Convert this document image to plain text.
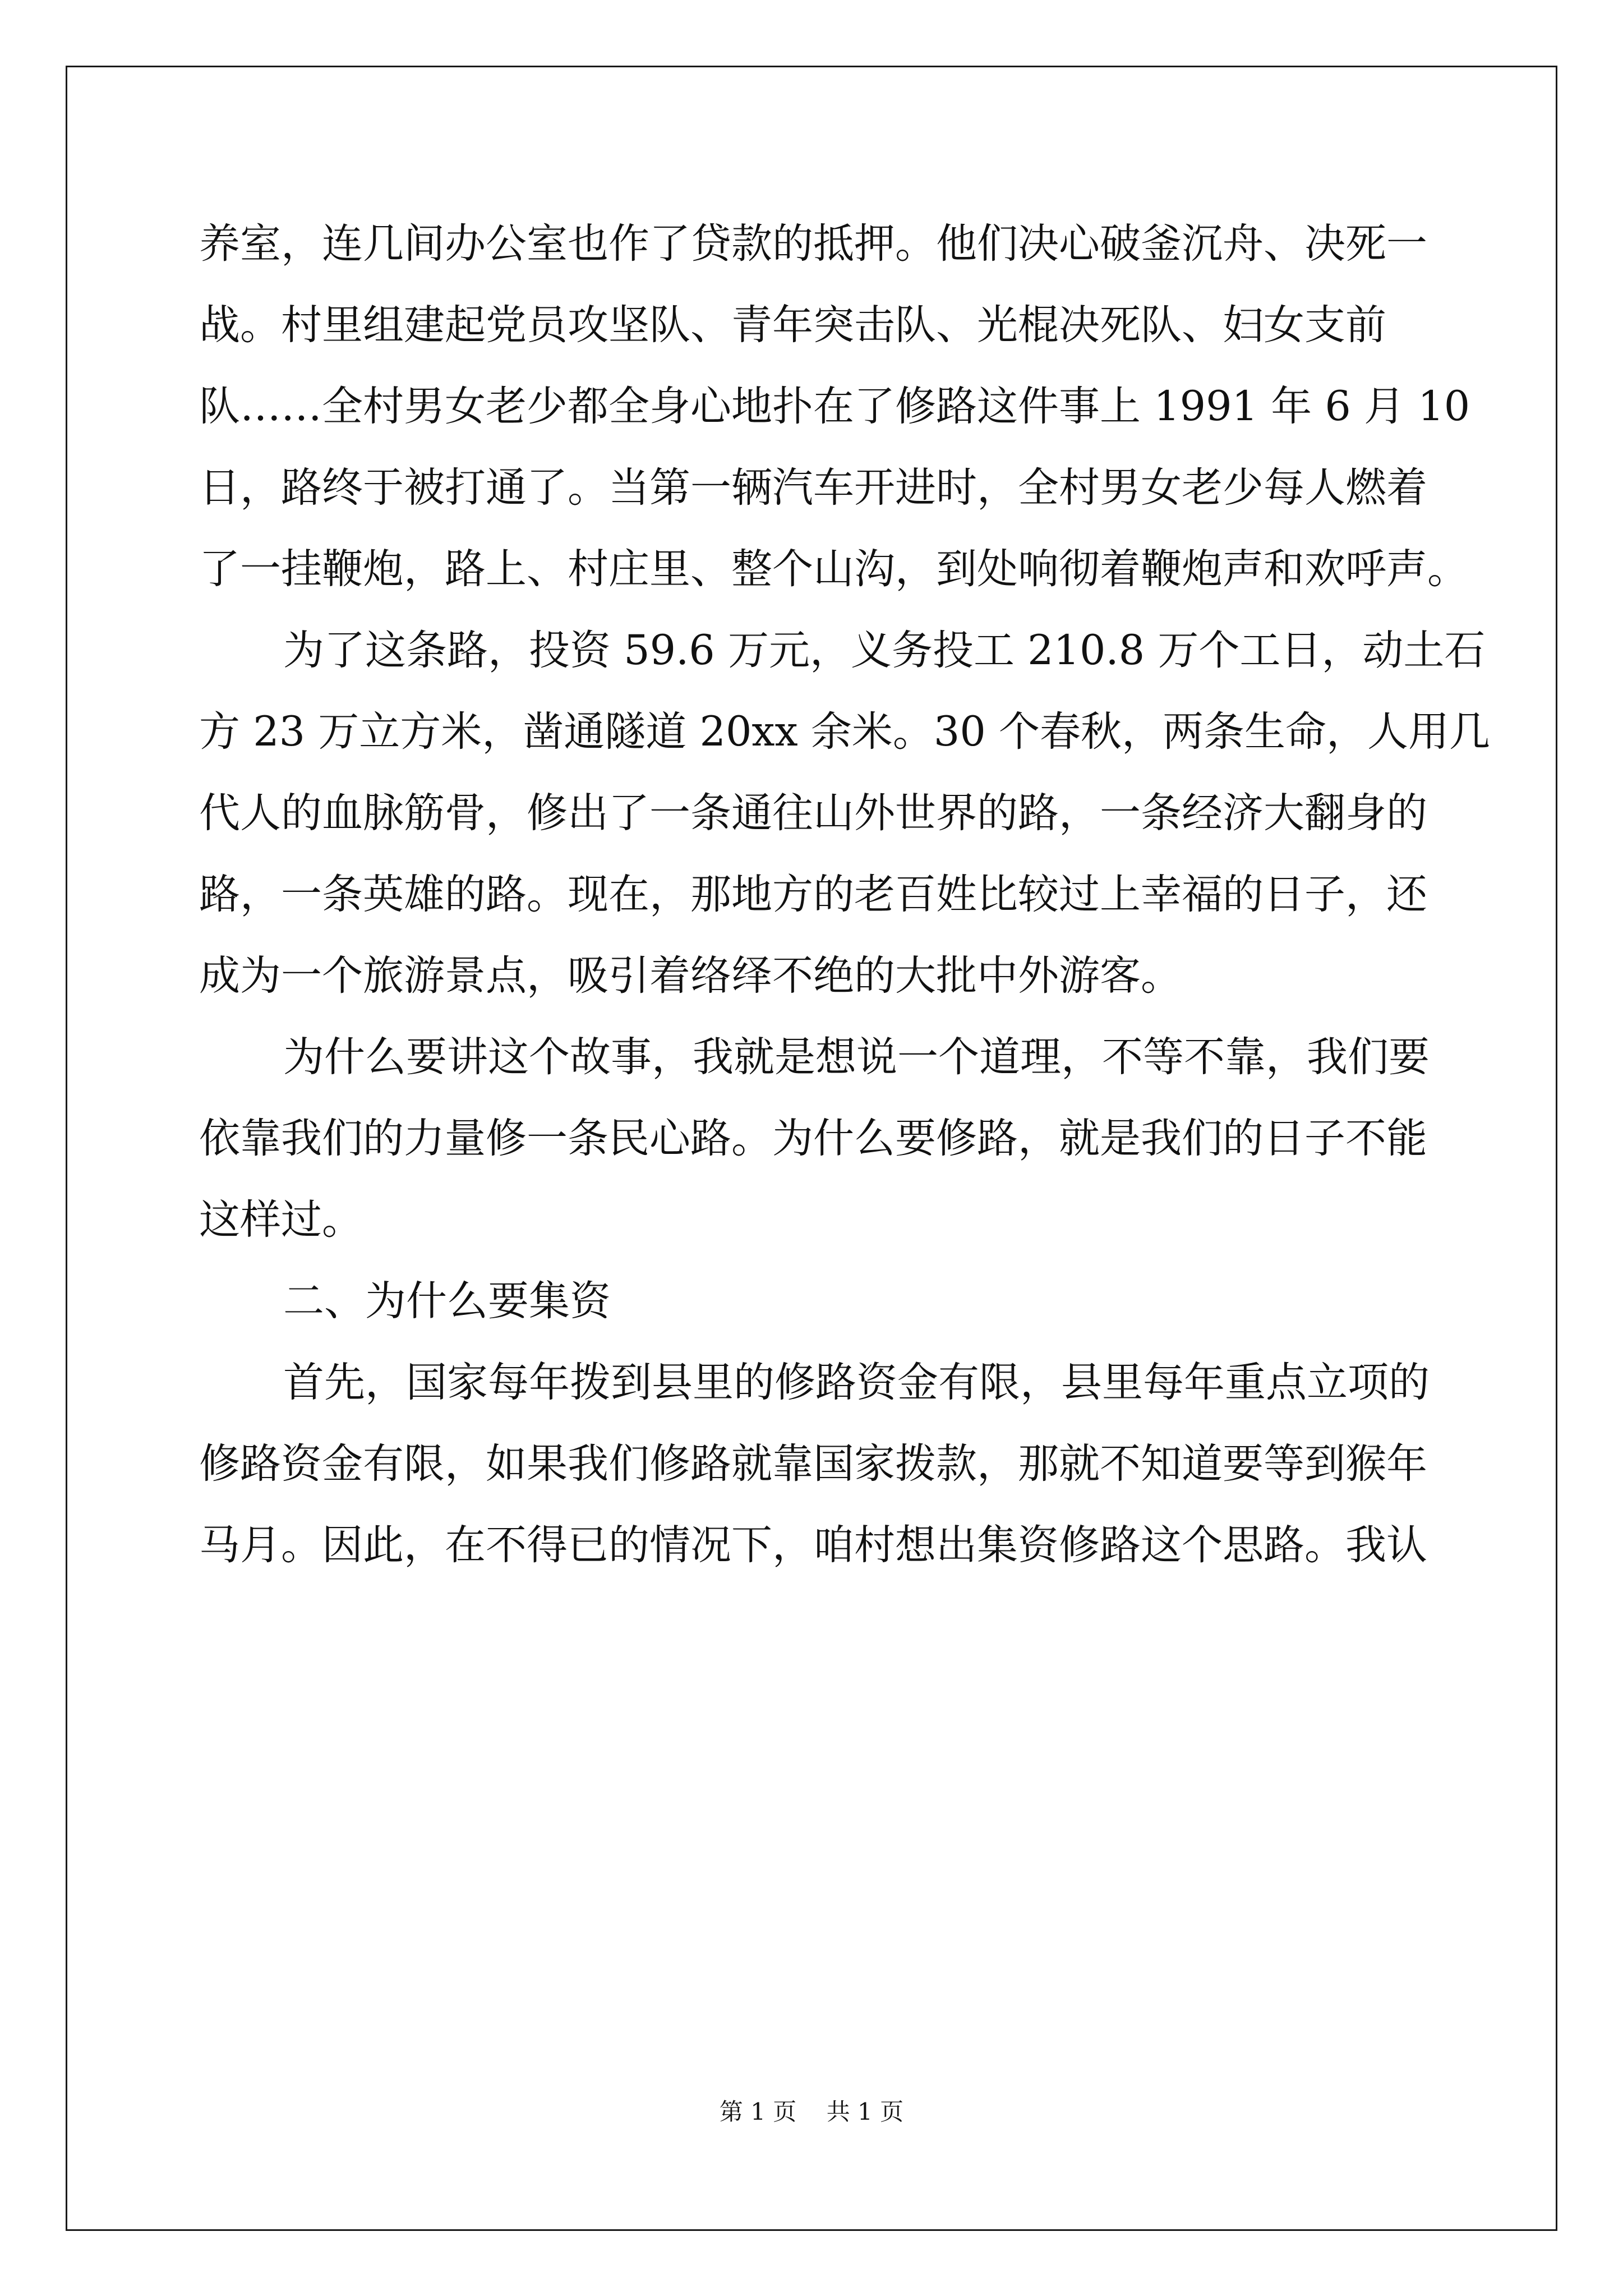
养室，连几间办公室也作了贷款的抵押。他们决心破釜沉舟、决死一
战。村里组建起党员攻坚队、青年突击队、光棍决死队、妇女支前
队……全村男女老少都全身心地扑在了修路这件事上 1991 年 6 月 10
日，路终于被打通了。当第一辆汽车开进时，全村男女老少每人燃着
了一挂鞭炮，路上、村庄里、整个山沟，到处响彻着鞭炮声和欢呼声。
为了这条路，投资 59.6 万元，义务投工 210.8 万个工日，动土石
方 23 万立方米，凿通隧道 20xx 余米。30 个春秋，两条生命，人用几
代人的血脉筋骨，修出了一条通往山外世界的路，一条经济大翻身的
路，一条英雄的路。现在，那地方的老百姓比较过上幸福的日子，还
成为一个旅游景点，吸引着络绎不绝的大批中外游客。
为什么要讲这个故事，我就是想说一个道理，不等不靠，我们要
依靠我们的力量修一条民心路。为什么要修路，就是我们的日子不能
这样过。
二、为什么要集资
首先，国家每年拨到县里的修路资金有限，县里每年重点立项的
修路资金有限，如果我们修路就靠国家拨款，那就不知道要等到猴年
马月。因此，在不得已的情况下，咱村想出集资修路这个思路。我认
第 1 页 共 1 页
